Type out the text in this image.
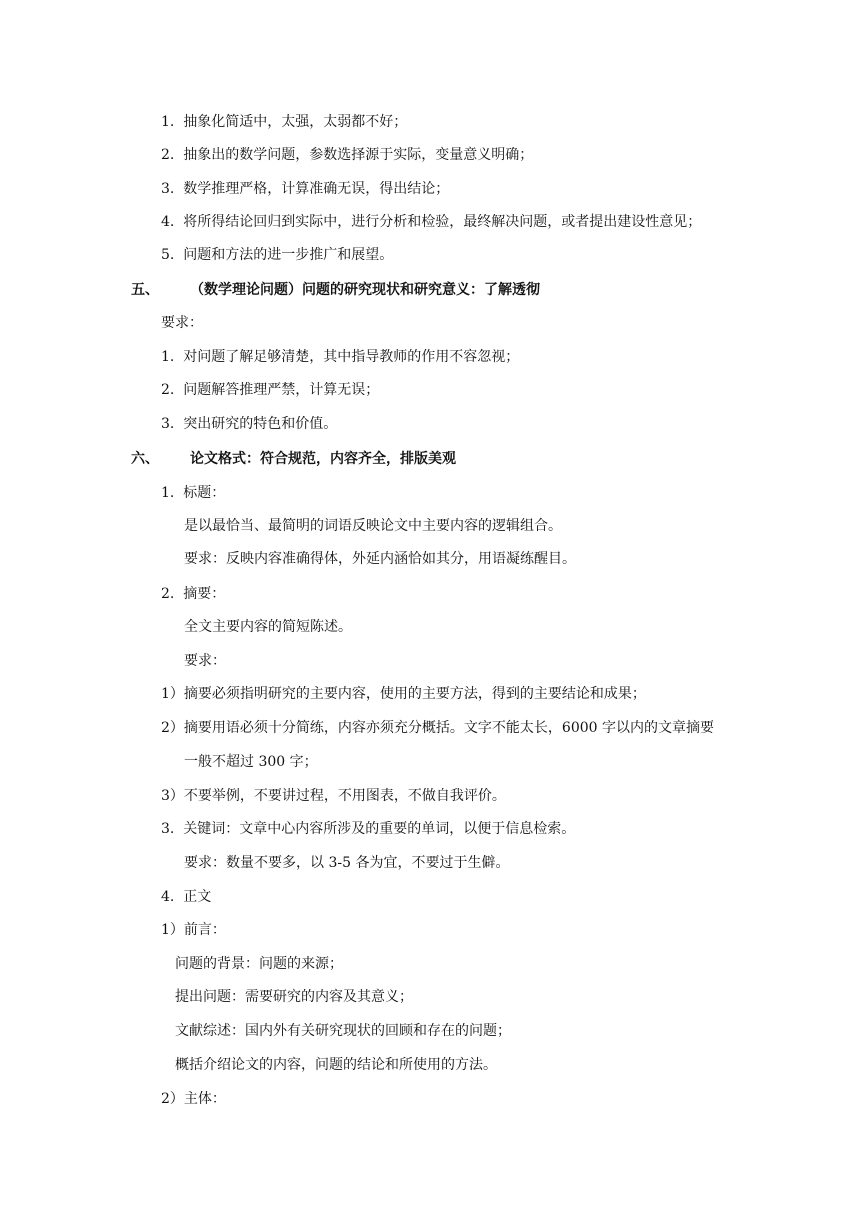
1. 抽象化简适中，太强，太弱都不好；
2. 抽象出的数学问题，参数选择源于实际，变量意义明确；
3. 数学推理严格，计算准确无误，得出结论；
4. 将所得结论回归到实际中，进行分析和检验，最终解决问题，或者提出建设性意见；
5. 问题和方法的进一步推广和展望。
五、 （数学理论问题）问题的研究现状和研究意义：了解透彻
要求：
1. 对问题了解足够清楚，其中指导教师的作用不容忽视；
2. 问题解答推理严禁，计算无误；
3. 突出研究的特色和价值。
六、 论文格式：符合规范，内容齐全，排版美观
1. 标题：
是以最恰当、最简明的词语反映论文中主要内容的逻辑组合。
要求：反映内容准确得体，外延内涵恰如其分，用语凝练醒目。
2. 摘要：
全文主要内容的简短陈述。
要求：
1）摘要必须指明研究的主要内容，使用的主要方法，得到的主要结论和成果；
2）摘要用语必须十分简练，内容亦须充分概括。文字不能太长，6000 字以内的文章摘要
一般不超过 300 字；
3）不要举例，不要讲过程，不用图表，不做自我评价。
3. 关键词：文章中心内容所涉及的重要的单词，以便于信息检索。
要求：数量不要多，以 3-5 各为宜，不要过于生僻。
4. 正文
1）前言：
问题的背景：问题的来源；
提出问题：需要研究的内容及其意义；
文献综述：国内外有关研究现状的回顾和存在的问题；
概括介绍论文的内容，问题的结论和所使用的方法。
2）主体：
